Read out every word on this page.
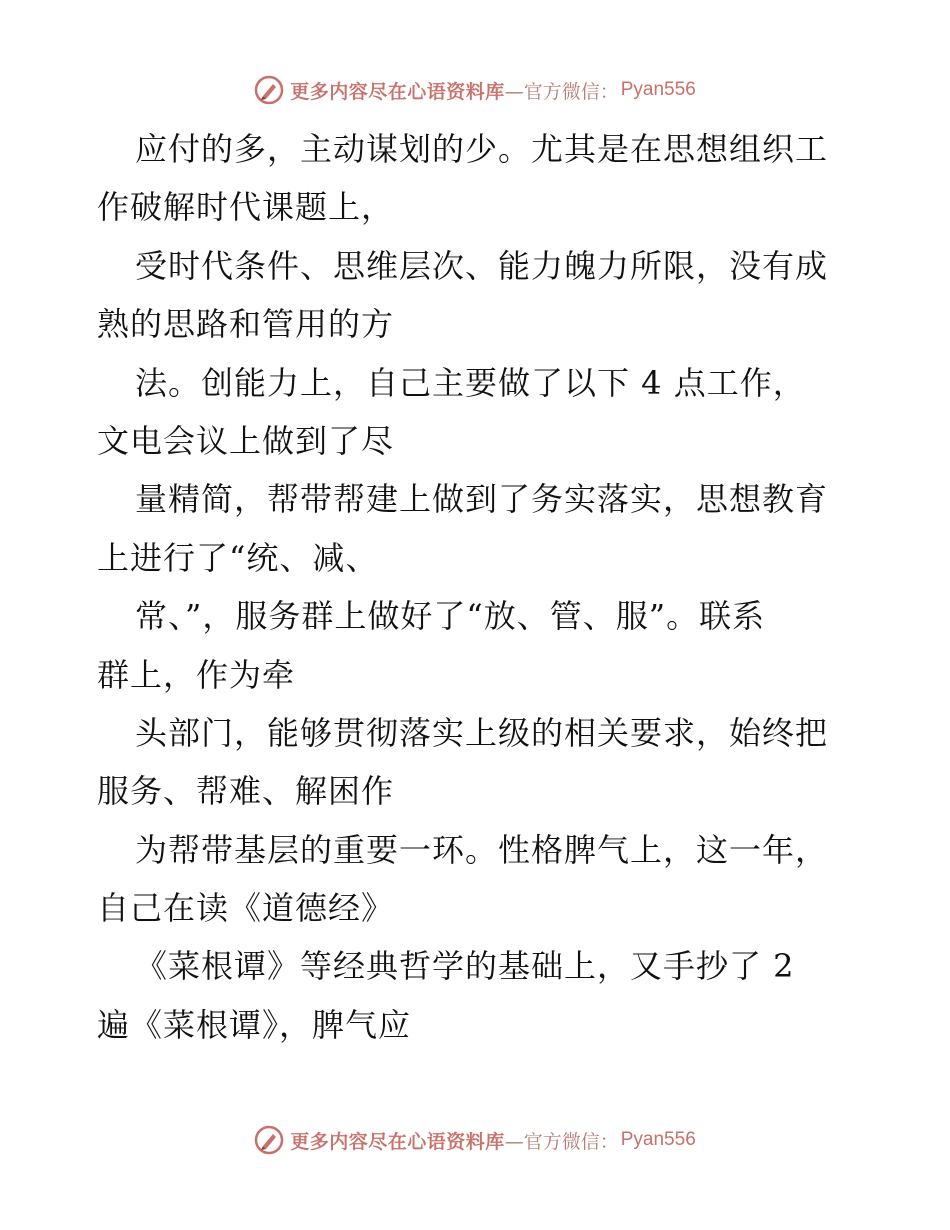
更多内容尽在心语资料库 —官方微信： Pyan556
应付的多，主动谋划的少。尤其是在思想组织工
作破解时代课题上，
受时代条件、思维层次、能力魄力所限，没有成
熟的思路和管用的方
法。创能力上，自己主要做了以下 4 点工作，
文电会议上做到了尽
量精简，帮带帮建上做到了务实落实，思想教育
上进行了“统、减、
常、”，服务群上做好了“放、管、服”。联系
群上，作为牵
头部门，能够贯彻落实上级的相关要求，始终把
服务、帮难、解困作
为帮带基层的重要一环。性格脾气上，这一年，
自己在读《道德经》
《菜根谭》等经典哲学的基础上，又手抄了 2
遍《菜根谭》，脾气应
更多内容尽在心语资料库 —官方微信： Pyan556
